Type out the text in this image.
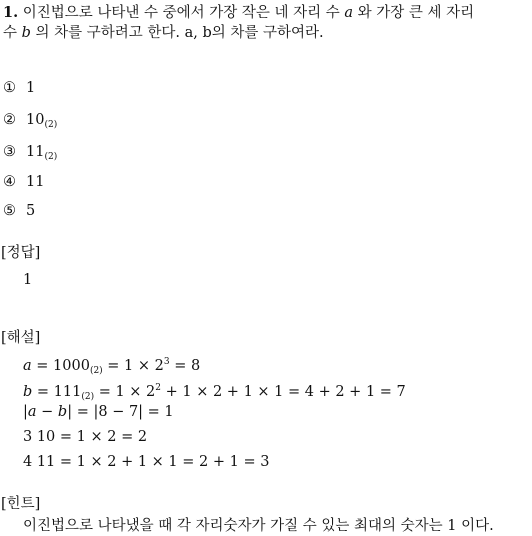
1. 이진법으로 나타낸 수 중에서 가장 작은 네 자리 수 a 와 가장 큰 세 자리
수 b 의 차를 구하려고 한다. a, b의 차를 구하여라.
① 1
② $10_{(2)}$
③ $11_{(2)}$
④ 11
⑤ 5
[정답]
1
[해설]
$a = 1000_{(2)} = 1 \times 2^3 = 8$
$b = 111_{(2)} = 1 \times 2^2 + 1 \times 2 + 1 \times 1 = 4 + 2 + 1 = 7$
|a − b| = |8 − 7| = 1
3 10 = 1 × 2 = 2
4 11 = 1 × 2 + 1 × 1 = 2 + 1 = 3
[힌트]
이진법으로 나타냈을 때 각 자리숫자가 가질 수 있는 최대의 숫자는 1 이다.
